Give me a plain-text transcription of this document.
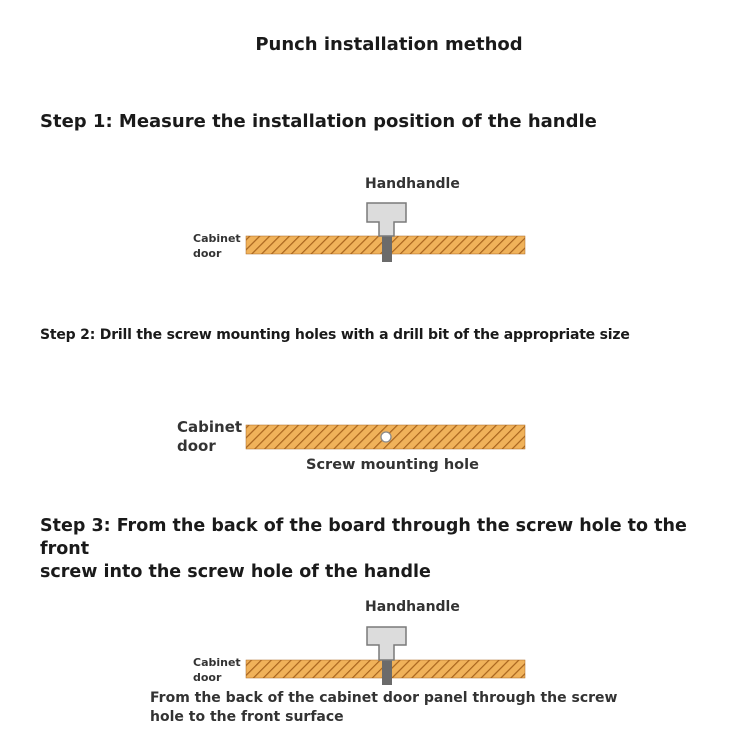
Punch installation method
Step 1: Measure the installation position of the handle
Handhandle
Cabinet
door
Step 2: Drill the screw mounting holes with a drill bit of the appropriate size
Cabinet
door
Screw mounting hole
Step 3: From the back of the board through the screw hole to the front
screw into the screw hole of the handle
Handhandle
Cabinet
door
From the back of the cabinet door panel through the screw
hole to the front surface
